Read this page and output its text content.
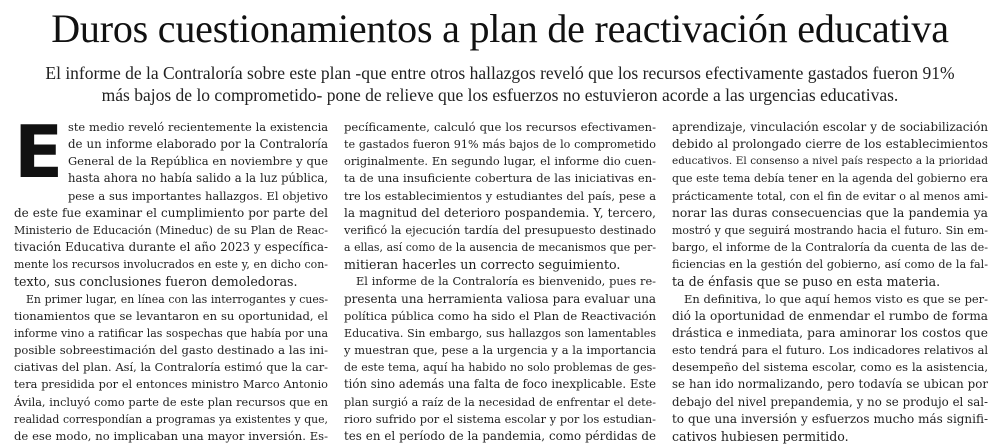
Duros cuestionamientos a plan de reactivación educativa
El informe de la Contraloría sobre este plan -que entre otros hallazgos reveló que los recursos efectivamente gastados fueron 91%
más bajos de lo comprometido- pone de relieve que los esfuerzos no estuvieron acorde a las urgencias educativas.
E ste medio reveló recientemente la existencia
de un informe elaborado por la Contraloría
General de la República en noviembre y que
hasta ahora no había salido a la luz pública,
pese a sus importantes hallazgos. El objetivo
de este fue examinar el cumplimiento por parte del
Ministerio de Educación (Mineduc) de su Plan de Reac-
tivación Educativa durante el año 2023 y específica-
mente los recursos involucrados en este y, en dicho con-
texto, sus conclusiones fueron demoledoras.
En primer lugar, en línea con las interrogantes y cues-
tionamientos que se levantaron en su oportunidad, el
informe vino a ratificar las sospechas que había por una
posible sobreestimación del gasto destinado a las ini-
ciativas del plan. Así, la Contraloría estimó que la car-
tera presidida por el entonces ministro Marco Antonio
Ávila, incluyó como parte de este plan recursos que en
realidad correspondían a programas ya existentes y que,
de ese modo, no implicaban una mayor inversión. Es-
pecíficamente, calculó que los recursos efectivamen-
te gastados fueron 91% más bajos de lo comprometido
originalmente. En segundo lugar, el informe dio cuen-
ta de una insuficiente cobertura de las iniciativas en-
tre los establecimientos y estudiantes del país, pese a
la magnitud del deterioro pospandemia. Y, tercero,
verificó la ejecución tardía del presupuesto destinado
a ellas, así como de la ausencia de mecanismos que per-
mitieran hacerles un correcto seguimiento.
El informe de la Contraloría es bienvenido, pues re-
presenta una herramienta valiosa para evaluar una
política pública como ha sido el Plan de Reactivación
Educativa. Sin embargo, sus hallazgos son lamentables
y muestran que, pese a la urgencia y a la importancia
de este tema, aquí ha habido no solo problemas de ges-
tión sino además una falta de foco inexplicable. Este
plan surgió a raíz de la necesidad de enfrentar el dete-
rioro sufrido por el sistema escolar y por los estudian-
tes en el período de la pandemia, como pérdidas de
aprendizaje, vinculación escolar y de sociabilización
debido al prolongado cierre de los establecimientos
educativos. El consenso a nivel país respecto a la prioridad
que este tema debía tener en la agenda del gobierno era
prácticamente total, con el fin de evitar o al menos ami-
norar las duras consecuencias que la pandemia ya
mostró y que seguirá mostrando hacia el futuro. Sin em-
bargo, el informe de la Contraloría da cuenta de las de-
ficiencias en la gestión del gobierno, así como de la fal-
ta de énfasis que se puso en esta materia.
En definitiva, lo que aquí hemos visto es que se per-
dió la oportunidad de enmendar el rumbo de forma
drástica e inmediata, para aminorar los costos que
esto tendrá para el futuro. Los indicadores relativos al
desempeño del sistema escolar, como es la asistencia,
se han ido normalizando, pero todavía se ubican por
debajo del nivel prepandemia, y no se produjo el sal-
to que una inversión y esfuerzos mucho más signifi-
cativos hubiesen permitido.
